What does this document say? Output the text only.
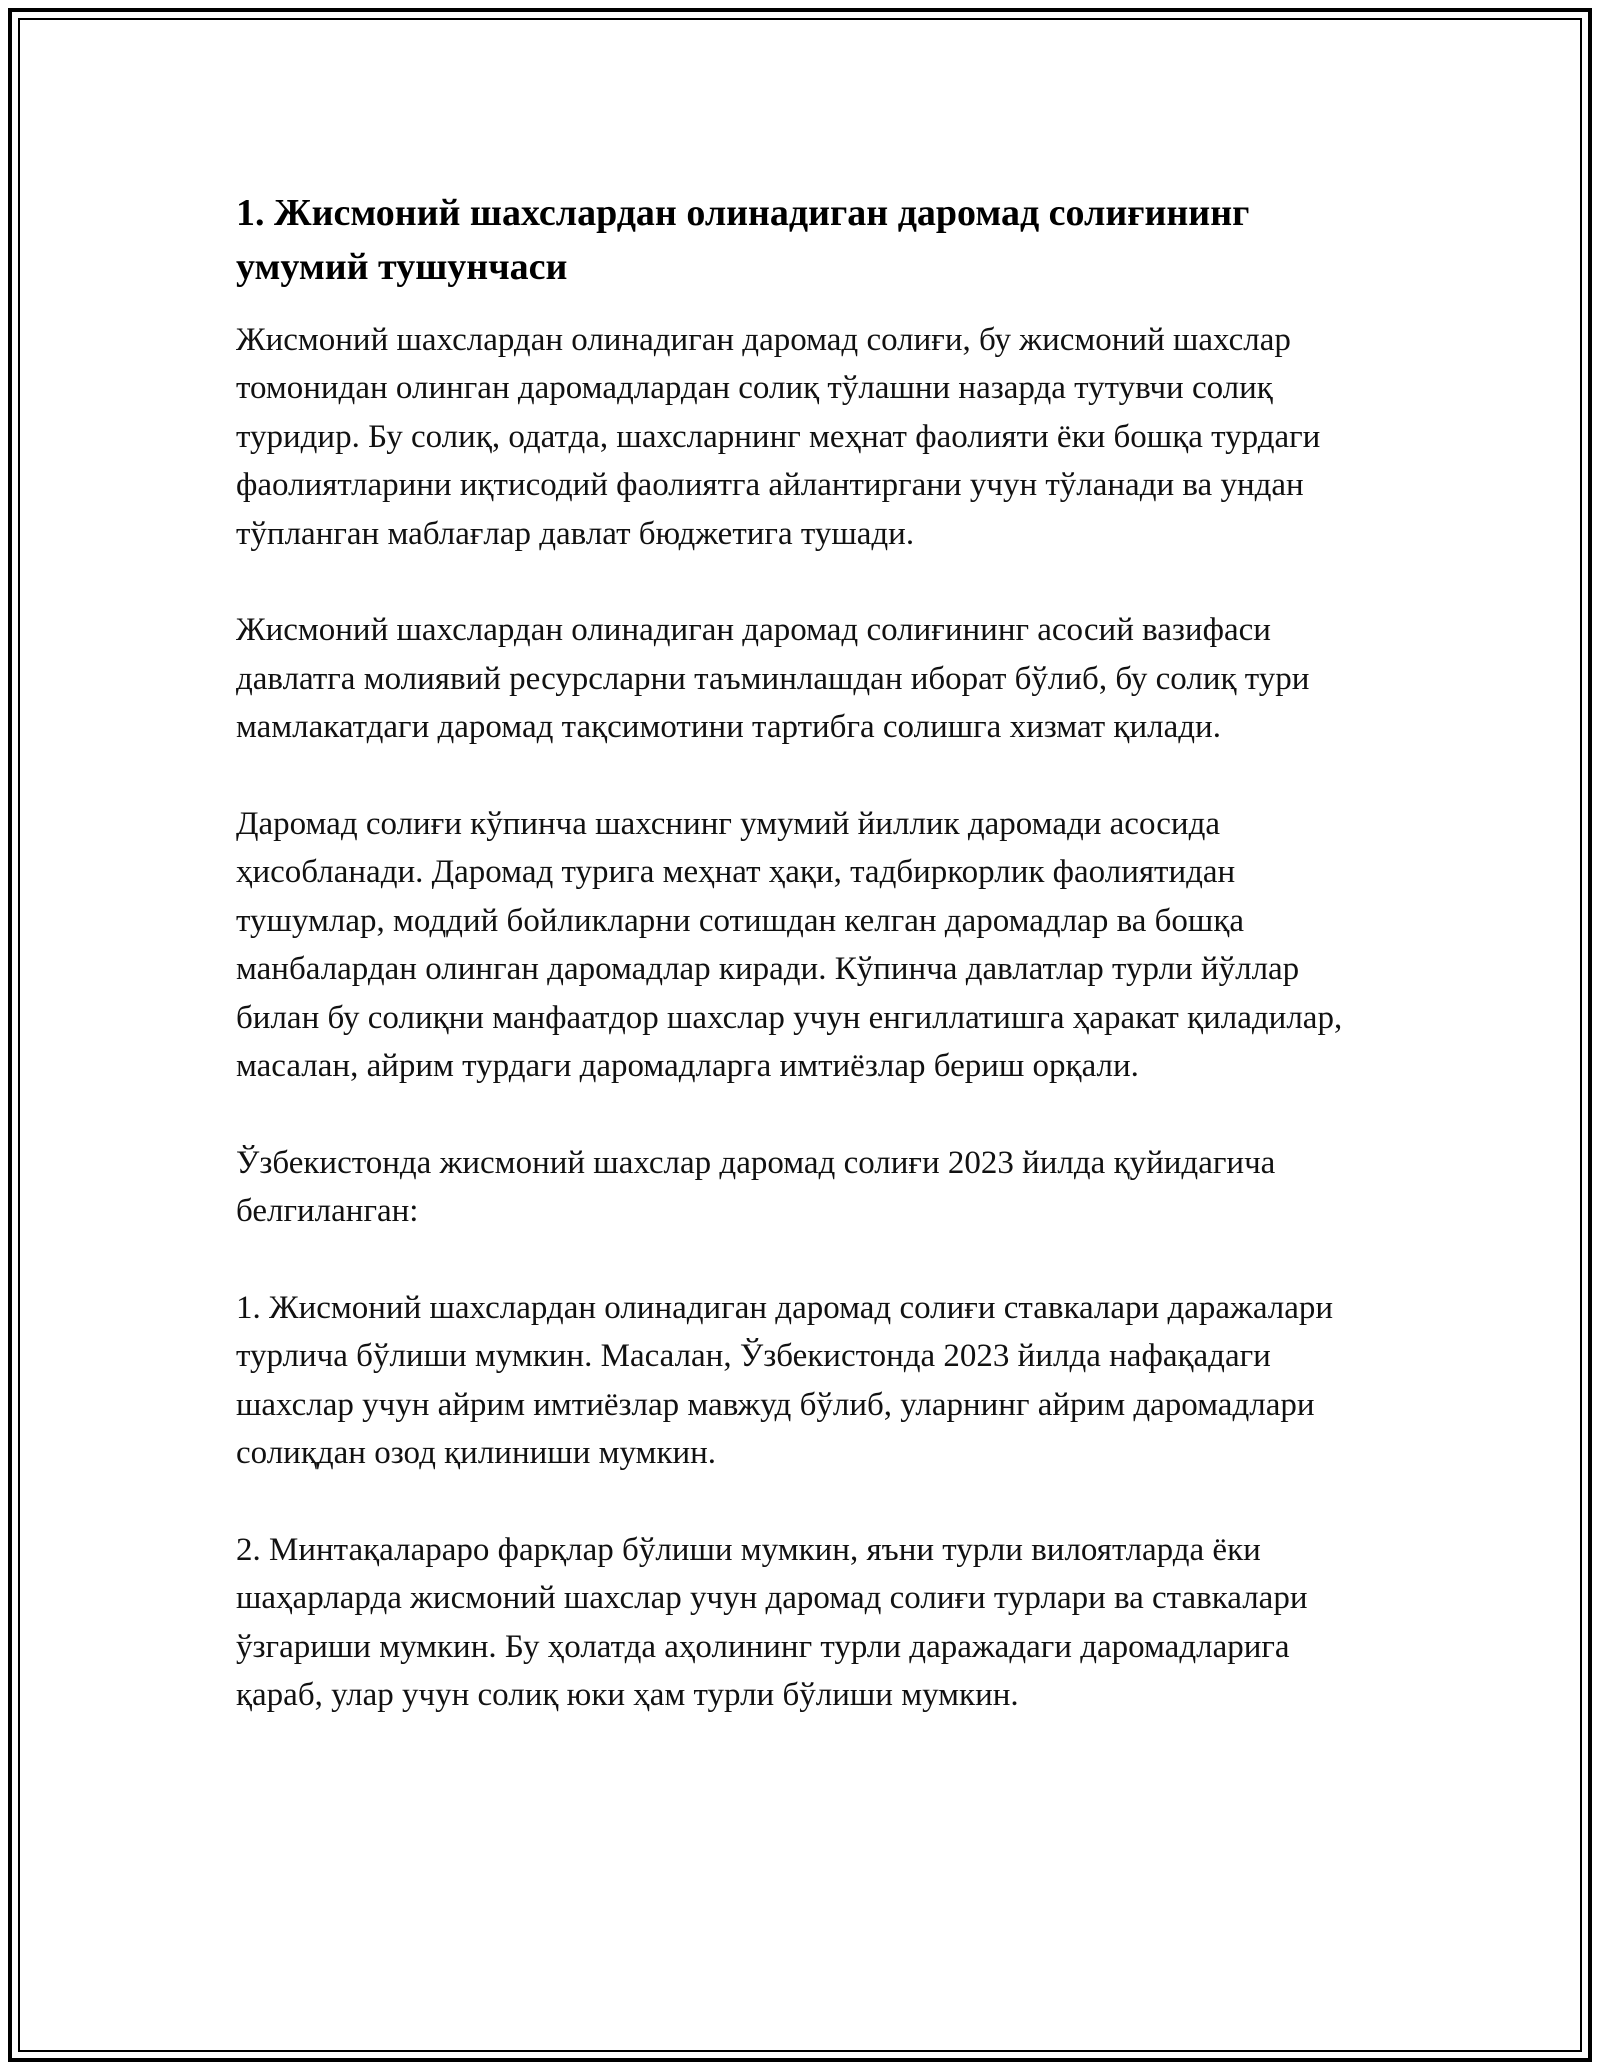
1. Жисмоний шахслардан олинадиган даромад солиғининг умумий тушунчаси

Жисмоний шахслардан олинадиган даромад солиғи, бу жисмоний шахслар томонидан олинган даромадлардан солиқ тўлашни назарда тутувчи солиқ туридир. Бу солиқ, одатда, шахсларнинг меҳнат фаолияти ёки бошқа турдаги фаолиятларини иқтисодий фаолиятга айлантиргани учун тўланади ва ундан тўпланган маблағлар давлат бюджетига тушади.

Жисмоний шахслардан олинадиган даромад солиғининг асосий вазифаси давлатга молиявий ресурсларни таъминлашдан иборат бўлиб, бу солиқ тури мамлакатдаги даромад тақсимотини тартибга солишга хизмат қилади.

Даромад солиғи кўпинча шахснинг умумий йиллик даромади асосида ҳисобланади. Даромад турига меҳнат ҳақи, тадбиркорлик фаолиятидан тушумлар, моддий бойликларни сотишдан келган даромадлар ва бошқа манбалардан олинган даромадлар киради. Кўпинча давлатлар турли йўллар билан бу солиқни манфаатдор шахслар учун енгиллатишга ҳаракат қиладилар, масалан, айрим турдаги даромадларга имтиёзлар бериш орқали.

Ўзбекистонда жисмоний шахслар даромад солиғи 2023 йилда қуйидагича белгиланган:

1. Жисмоний шахслардан олинадиган даромад солиғи ставкалари даражалари турлича бўлиши мумкин. Масалан, Ўзбекистонда 2023 йилда нафақадаги шахслар учун айрим имтиёзлар мавжуд бўлиб, уларнинг айрим даромадлари солиқдан озод қилиниши мумкин.

2. Минтақалараро фарқлар бўлиши мумкин, яъни турли вилоятларда ёки шаҳарларда жисмоний шахслар учун даромад солиғи турлари ва ставкалари ўзгариши мумкин. Бу ҳолатда аҳолининг турли даражадаги даромадларига қараб, улар учун солиқ юки ҳам турли бўлиши мумкин.
